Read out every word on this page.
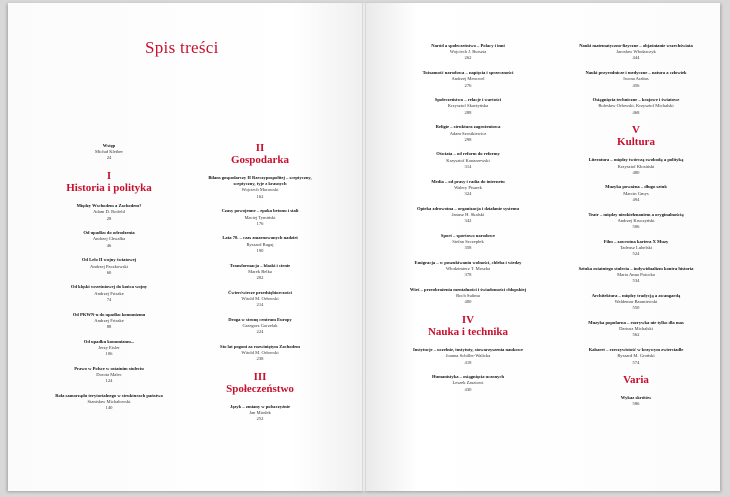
Spis treści
Wstęp
Michał Kleiber
24
I
Historia i polityka
Między Wschodem a Zachodem?
Adam D. Rotfeld
28
Od upadku do odrodzenia
Andrzej Chwalba
46
Od Lelo II wojny światowej
Andrzej Paczkowski
60
Od klęski wrześniowej do końca wojny
Andrzej Friszke
74
Od PKWN-u do upadku komunizmu
Andrzej Friszke
88
Od upadku komunizmu...
Jerzy Eisler
106
Prawo w Polsce w ostatnim stuleciu
Dorota Malec
124
Rola samorządu terytorialnego w strukturach państwa
Stanisław Michałowski
140
II
Gospodarka
Bilans gospodarczy II Rzeczypospolitej – sceptyczny, sceptyczny, tyje z krasnych
Wojciech Morawski
162
Czasy powojenne – epoka betonu i stali
Maciej Tymiński
176
Lata 70. – czas zmarnowanych nadziei
Ryszard Bugaj
190
Transformacja – blaski i cienie
Marek Belka
202
Ćwierćwiecze przedsiębiorczości
Witold M. Orłowski
214
Droga w stronę centrum Europy
Grzegorz Gorzelak
224
Sto lat pogoni za rozwiniętym Zachodem
Witold M. Orłowski
238
III
Społeczeństwo
Język – zmiany w polszczyźnie
Jan Miodek
252
Naród a społeczeństwo – Polacy i inni
Wojciech J. Burszta
262
Tożsamość narodowa – napięcia i sprzeczności
Andrzej Mencwel
276
Społeczeństwo – relacje i wartości
Krzysztof Skarżyńska
288
Religie – struktura zagrożeniowa
Adam Szostkiewicz
298
Oświata – od reform do reformy
Krzysztof Konarzewski
314
Media – od prasy i radia do internetu
Walery Pisarek
324
Opieka zdrowotna – organizacja i działanie systemu
Janusz H. Skalski
342
Sport – sportowo narodowe
Stefan Szczepłek
358
Emigracja – w poszukiwaniu wolności, chleba i wiedzy
Włodzimierz T. Moszka
378
Wieś – przeobrażenia mentalności i świadomości chłopskiej
Roch Sulima
400
IV
Nauka i technika
Instytucje – uczelnie, instytuty, stowarzyszenia naukowe
Joanna Schiller-Walicka
418
Humanistyka – osiągnięcia uczonych
Leszek Zasztowt
430
Nauki matematyczno-fizyczne – objaśnianie wszechświata
Jarosław Włodarczyk
444
Nauki przyrodnicze i medyczne – natura a człowiek
Iwona Arabas
456
Osiągnięcia techniczne – krajowe i światowe
Bolesław Orłowski, Krzysztof Michalski
468
V
Kultura
Literatura – między twórczą swobodą a polityką
Krzysztof Kłosiński
480
Muzyka poważna – długo sztuk
Marcin Gmys
494
Teatr – między nieokiełznaniem a oryginalnością
Andrzej Kruczyński
506
Film – zawrotna kariera X Muzy
Tadeusz Lubelski
524
Sztuka ostatniego stulecia – indywidualizm kontra historia
Maria Anna Potocka
534
Architektura – między tradycją a awangardą
Waldemar Baraniewski
550
Muzyka popularna – rozrywka nie tylko dla mas
Dariusz Michalski
562
Kabaret – rzeczywistość w krzywym zwierciadle
Ryszard M. Groński
574
Varia
Wykaz skrótów
586
